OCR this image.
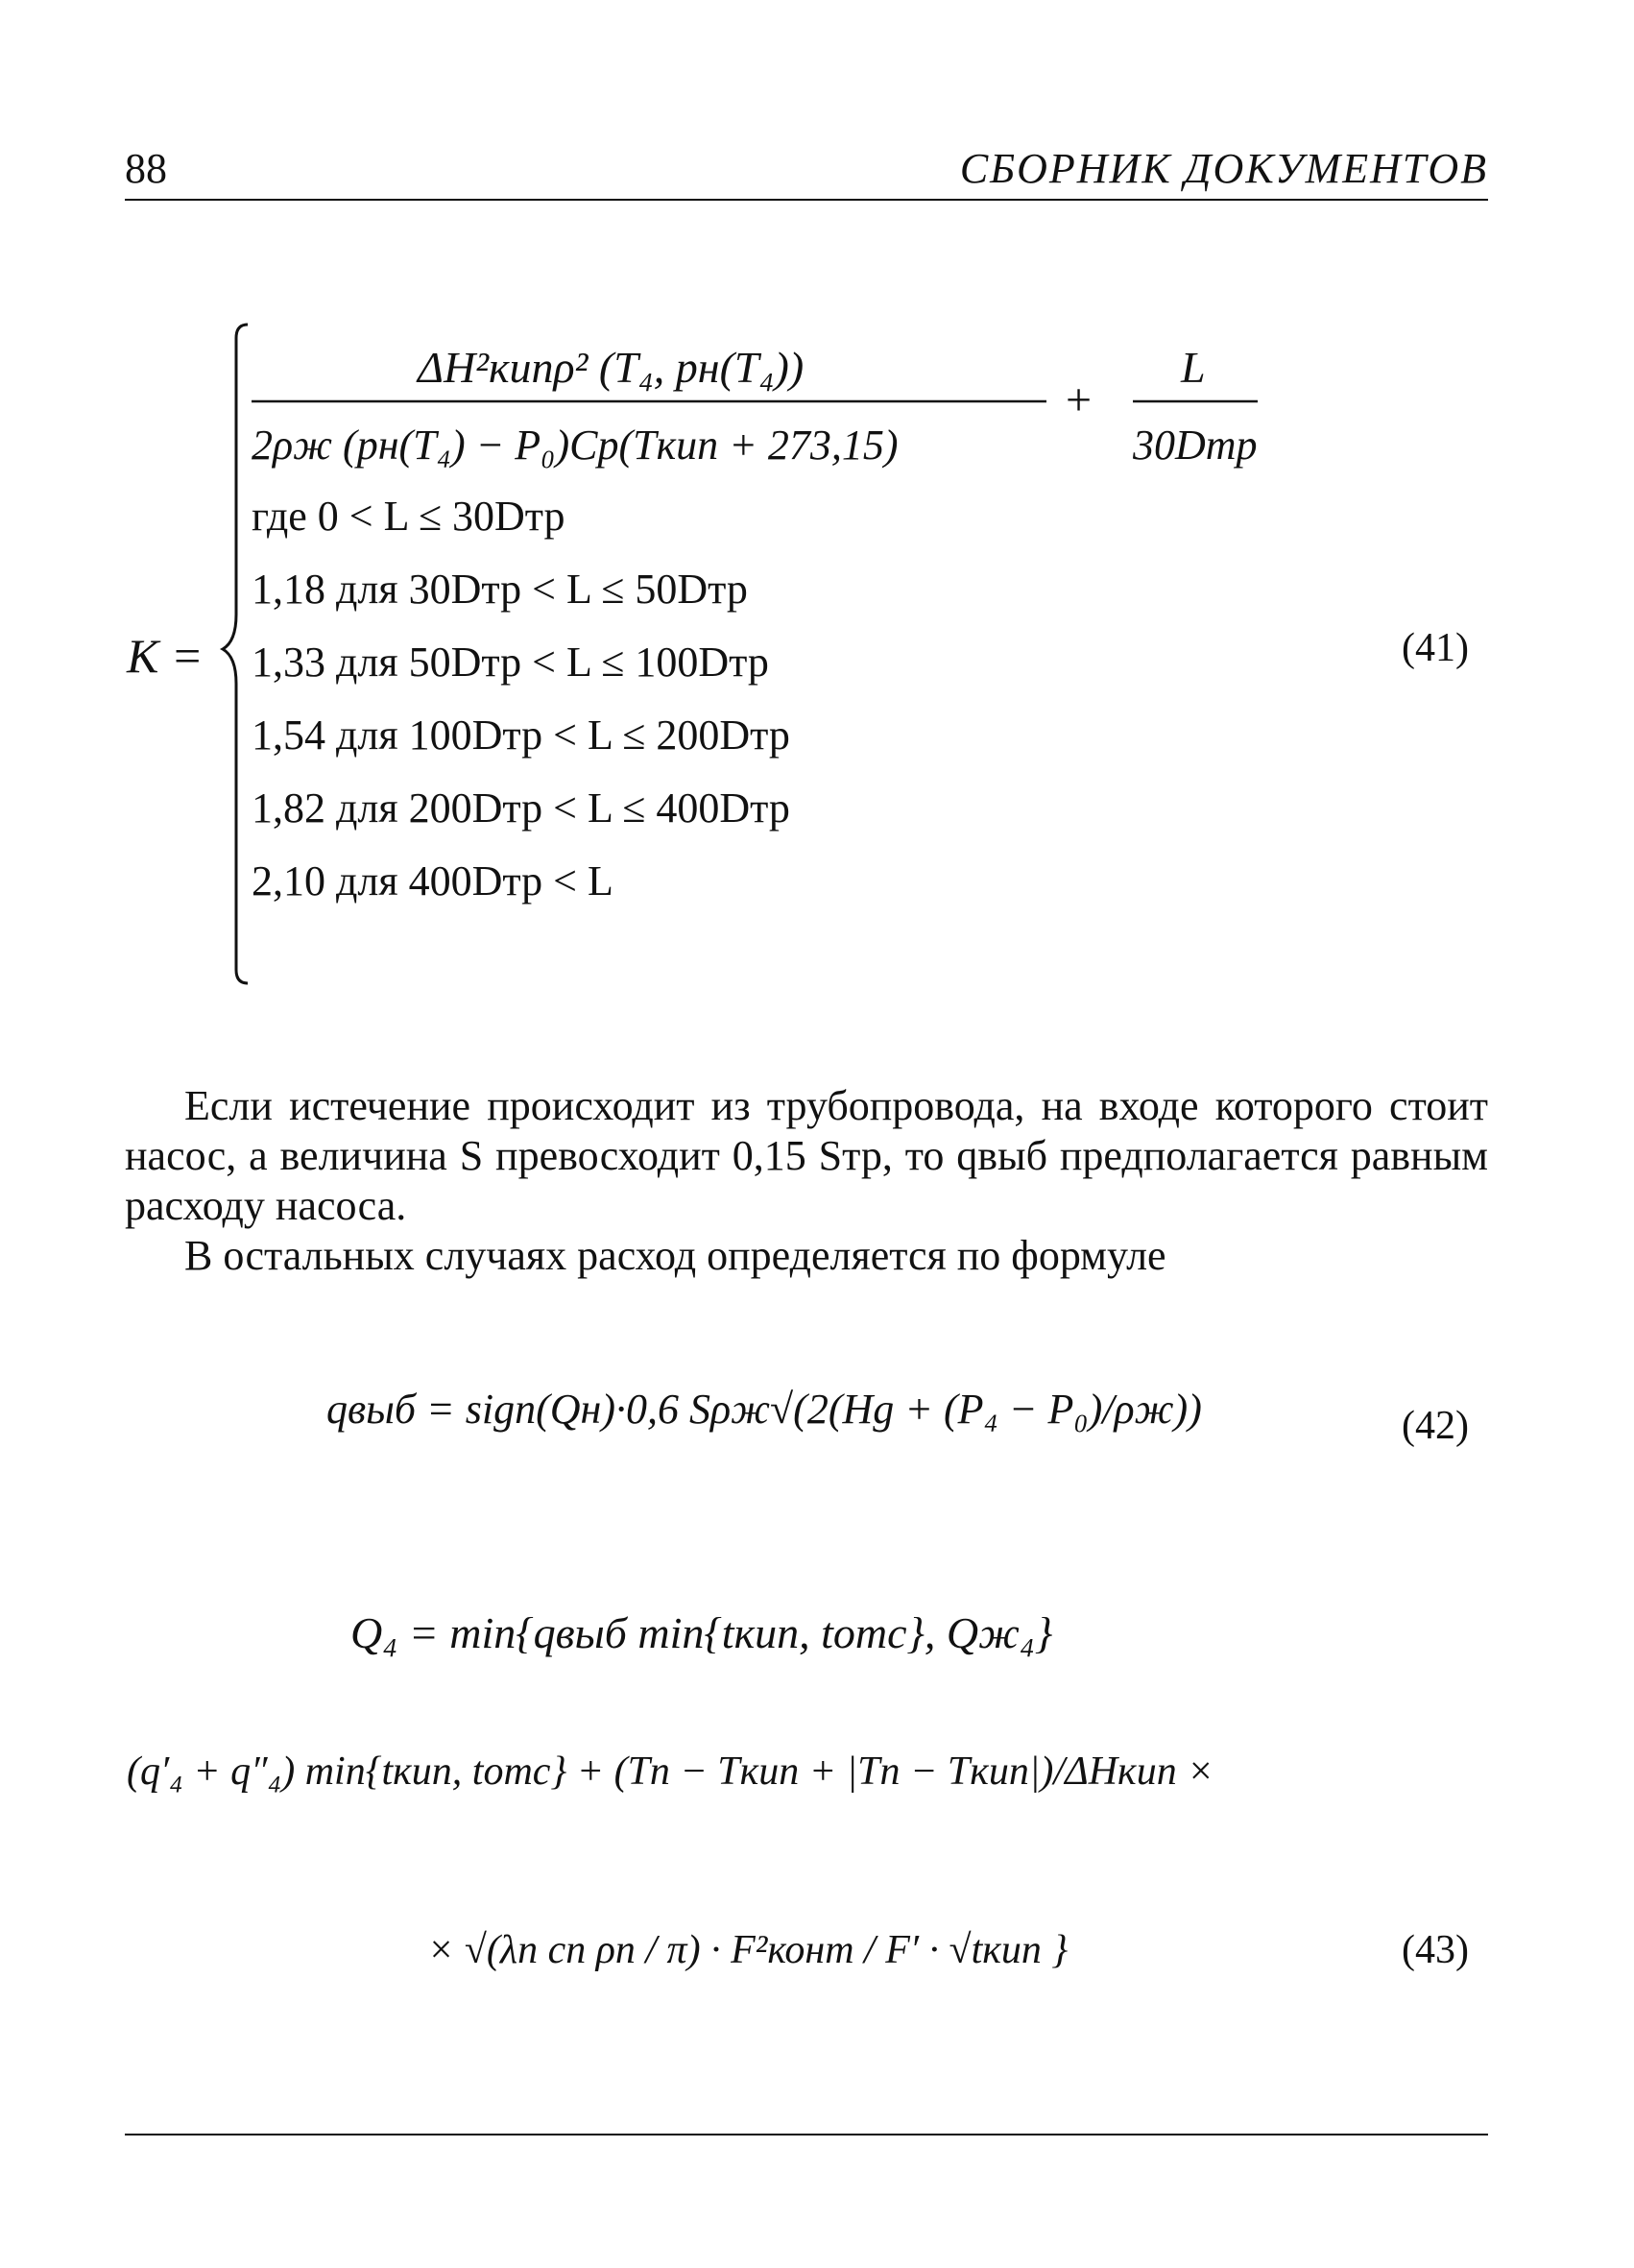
88	СБОРНИК ДОКУМЕНТОВ
K =
ΔH²кипρ² (T₄, pн(T₄))
2ρж (pн(T₄) − P₀)Cр(Tкип + 273,15)
+
L
30Dтр
где 0 < L ≤ 30Dтр
1,18 для 30Dтр < L ≤ 50Dтр
1,33 для 50Dтр < L ≤ 100Dтр
1,54 для 100Dтр < L ≤ 200Dтр
1,82 для 200Dтр < L ≤ 400Dтр
2,10 для 400Dтр < L
(41)
qвыб = sign(Qн)·0,6 Sρж√(2(Hg + (P₄ − P₀)/ρж))	(42)
Q₄ = min{qвыб min{tкип, tотс}, Qж₄}
(q′₄ + q″₄) min{tкип, tотс} + (Tп − Tкип + |Tп − Tкип|)/ΔHкип ×
× √(λп cп ρп / π) · F²конт / F′ · √tкип }	(43)

Если истечение происходит из трубопровода, на входе которого стоит насос, а величина S превосходит 0,15 Sтр, то qвыб предполагается равным расходу насоса.

В остальных случаях расход определяется по формуле
